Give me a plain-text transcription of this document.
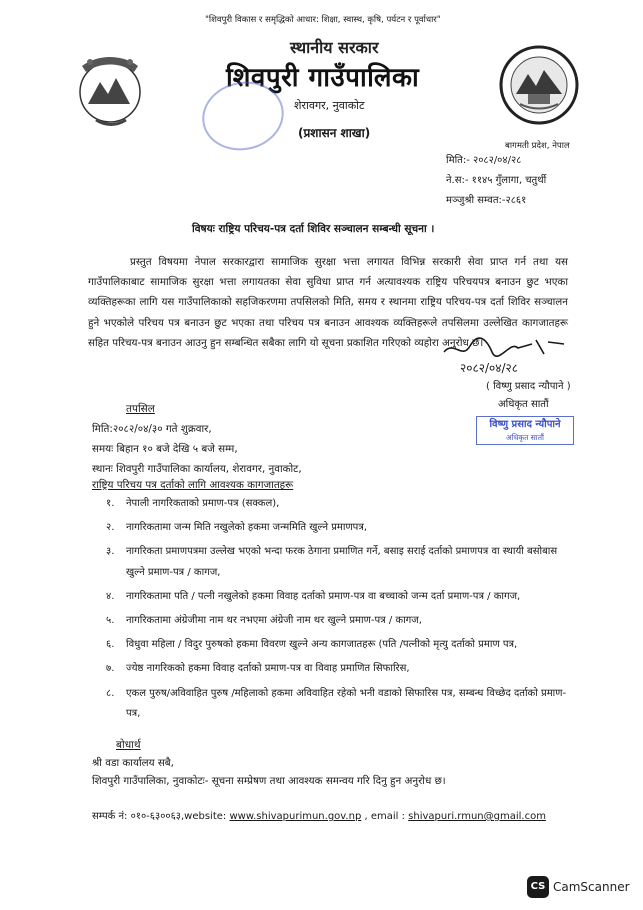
"शिवपुरी विकास र समृद्धिको आधार: शिक्षा, स्वास्थ, कृषि, पर्यटन र पूर्वाधार"
स्थानीय सरकार
शिवपुरी गाउँपालिका
शेरावगर, नुवाकोट
(प्रशासन शाखा)
बागमती प्रदेश, नेपाल
मिति:- २०८२/०४/२८
ने.स:- ११४५ गुँलागा, चतुर्थी
मञ्जुश्री सम्वत:-२८६१
विषयः राष्ट्रिय परिचय-पत्र दर्ता शिविर सञ्चालन सम्बन्धी सूचना ।
प्रस्तुत विषयमा नेपाल सरकारद्वारा सामाजिक सुरक्षा भत्ता लगायत विभिन्न सरकारी सेवा प्राप्त गर्न तथा यस गाउँपालिकाबाट सामाजिक सुरक्षा भत्ता लगायतका सेवा सुविधा प्राप्त गर्न अत्यावश्यक राष्ट्रिय परिचयपत्र बनाउन छुट भएका व्यक्तिहरूका लागि यस गाउँपालिकाको सहजिकरणमा तपसिलको मिति, समय र स्थानमा राष्ट्रिय परिचय-पत्र दर्ता शिविर सञ्चालन हुने भएकोले परिचय पत्र बनाउन छुट भएका तथा परिचय पत्र बनाउन आवश्यक व्यक्तिहरूले तपसिलमा उल्लेखित कागजातहरू सहित परिचय-पत्र बनाउन आउनु हुन सम्बन्धित सबैका लागि यो सूचना प्रकाशित गरिएको व्यहोरा अनुरोध छ।
२०८२/०४/२८
( विष्णु प्रसाद न्यौपाने )
अधिकृत सातौं
विष्णु प्रसाद न्यौपाने
अधिकृत सातौं
तपसिल
मिति:२०८२/०४/३० गते शुक्रवार,
समयः बिहान १० बजे देखि ५ बजे सम्म,
स्थानः शिवपुरी गाउँपालिका कार्यालय, शेरावगर, नुवाकोट,
राष्ट्रिय परिचय पत्र दर्ताको लागि आवश्यक कागजातहरू
१. नेपाली नागरिकताको प्रमाण-पत्र (सक्कल),
२. नागरिकतामा जन्म मिति नखुलेको हकमा जन्ममिति खुल्ने प्रमाणपत्र,
३. नागरिकता प्रमाणपत्रमा उल्लेख भएको भन्दा फरक ठेगाना प्रमाणित गर्ने, बसाइ सराई दर्ताको प्रमाणपत्र वा स्थायी बसोबास खुल्ने प्रमाण-पत्र / कागज,
४. नागरिकतामा पति / पत्नी नखुलेको हकमा विवाह दर्ताको प्रमाण-पत्र वा बच्चाको जन्म दर्ता प्रमाण-पत्र / कागज,
५. नागरिकतामा अंग्रेजीमा नाम थर नभएमा अंग्रेजी नाम थर खुल्ने प्रमाण-पत्र / कागज,
६. विधुवा महिला / विदुर पुरुषको हकमा विवरण खुल्ने अन्य कागजातहरू (पति /पत्नीको मृत्यु दर्ताको प्रमाण पत्र,
७. ज्येष्ठ नागरिकको हकमा विवाह दर्ताको प्रमाण-पत्र वा विवाह प्रमाणित सिफारिस,
८. एकल पुरुष/अविवाहित पुरुष /महिलाको हकमा अविवाहित रहेको भनी वडाको सिफारिस पत्र, सम्बन्ध विच्छेद दर्ताको प्रमाण-पत्र,
बोधार्थ
श्री वडा कार्यालय सबै,
शिवपुरी गाउँपालिका, नुवाकोटः- सूचना सम्प्रेषण तथा आवश्यक समन्वय गरि दिनु हुन अनुरोध छ।
सम्पर्क नं: ०१०-६३००६३,website: www.shivapurimun.gov.np , email : shivapuri.rmun@gmail.com
CS CamScanner
